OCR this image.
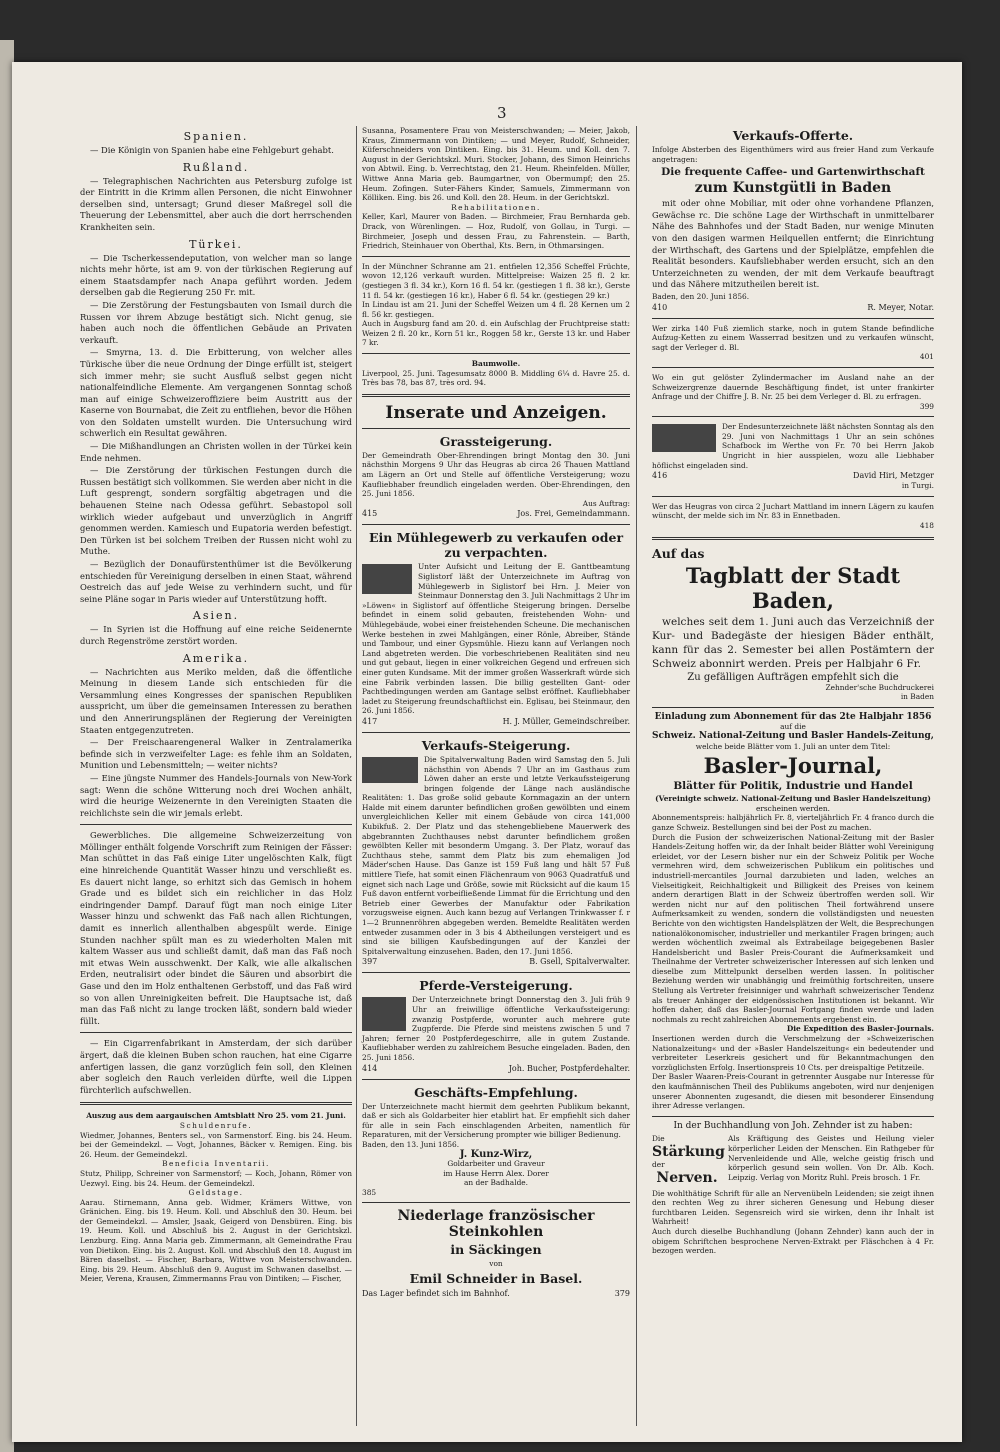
3
Spanien.

— Die Königin von Spanien habe eine Fehlgeburt gehabt.

Rußland.

— Telegraphischen Nachrichten aus Petersburg zufolge ist der Eintritt in die Krimm allen Personen, die nicht Einwohner derselben sind, untersagt; Grund dieser Maßregel soll die Theuerung der Lebensmittel, aber auch die dort herrschenden Krankheiten sein.

Türkei.

— Die Tscherkessendeputation, von welcher man so lange nichts mehr hörte, ist am 9. von der türkischen Regierung auf einem Staatsdampfer nach Anapa geführt worden. Jedem derselben gab die Regierung 250 Fr. mit.

— Die Zerstörung der Festungsbauten von Ismail durch die Russen vor ihrem Abzuge bestätigt sich. Nicht genug, sie haben auch noch die öffentlichen Gebäude an Privaten verkauft.

— Smyrna, 13. d. Die Erbitterung, von welcher alles Türkische über die neue Ordnung der Dinge erfüllt ist, steigert sich immer mehr; sie sucht Ausfluß selbst gegen nicht nationalfeindliche Elemente. Am vergangenen Sonntag schoß man auf einige Schweizeroffiziere beim Austritt aus der Kaserne von Bournabat, die Zeit zu entfliehen, bevor die Höhen von den Soldaten umstellt wurden. Die Untersuchung wird schwerlich ein Resultat gewähren.

— Die Mißhandlungen an Christen wollen in der Türkei kein Ende nehmen.

— Die Zerstörung der türkischen Festungen durch die Russen bestätigt sich vollkommen. Sie werden aber nicht in die Luft gesprengt, sondern sorgfältig abgetragen und die behauenen Steine nach Odessa geführt. Sebastopol soll wirklich wieder aufgebaut und unverzüglich in Angriff genommen werden. Kamiesch und Eupatoria werden befestigt. Den Türken ist bei solchem Treiben der Russen nicht wohl zu Muthe.

— Bezüglich der Donaufürstenthümer ist die Bevölkerung entschieden für Vereinigung derselben in einen Staat, während Oestreich das auf jede Weise zu verhindern sucht, und für seine Pläne sogar in Paris wieder auf Unterstützung hofft.

Asien.

— In Syrien ist die Hoffnung auf eine reiche Seidenernte durch Regenströme zerstört worden.

Amerika.

— Nachrichten aus Meriko melden, daß die öffentliche Meinung in diesem Lande sich entschieden für die Versammlung eines Kongresses der spanischen Republiken ausspricht, um über die gemeinsamen Interessen zu berathen und den Annerirungsplänen der Regierung der Vereinigten Staaten entgegenzutreten.

— Der Freischaarengeneral Walker in Zentralamerika befinde sich in verzweifelter Lage: es fehle ihm an Soldaten, Munition und Lebensmitteln; — weiter nichts?

— Eine jüngste Nummer des Handels-Journals von New-York sagt: Wenn die schöne Witterung noch drei Wochen anhält, wird die heurige Weizenernte in den Vereinigten Staaten die reichlichste sein die wir jemals erlebt.

Gewerbliches. Die allgemeine Schweizerzeitung von Möllinger enthält folgende Vorschrift zum Reinigen der Fässer: Man schüttet in das Faß einige Liter ungelöschten Kalk, fügt eine hinreichende Quantität Wasser hinzu und verschließt es. Es dauert nicht lange, so erhitzt sich das Gemisch in hohem Grade und es bildet sich ein reichlicher in das Holz eindringender Dampf. Darauf fügt man noch einige Liter Wasser hinzu und schwenkt das Faß nach allen Richtungen, damit es innerlich allenthalben abgespült werde. Einige Stunden nachher spült man es zu wiederholten Malen mit kaltem Wasser aus und schließt damit, daß man das Faß noch mit etwas Wein ausschwenkt. Der Kalk, wie alle alkalischen Erden, neutralisirt oder bindet die Säuren und absorbirt die Gase und den im Holz enthaltenen Gerbstoff, und das Faß wird so von allen Unreinigkeiten befreit. Die Hauptsache ist, daß man das Faß nicht zu lange trocken läßt, sondern bald wieder füllt.

— Ein Cigarrenfabrikant in Amsterdam, der sich darüber ärgert, daß die kleinen Buben schon rauchen, hat eine Cigarre anfertigen lassen, die ganz vorzüglich fein soll, den Kleinen aber sogleich den Rauch verleiden dürfte, weil die Lippen fürchterlich aufschwellen.

Auszug aus dem aargauischen Amtsblatt Nro 25. vom 21. Juni.
Schuldenrufe.

Wiedmer, Johannes, Benters sel., von Sarmenstorf. Eing. bis 24. Heum. bei der Gemeindekzl. — Vogt, Johannes, Bäcker v. Remigen. Eing. bis 26. Heum. der Gemeindekzl.

Beneficia Inventarii.

Stutz, Philipp, Schreiner von Sarmenstorf; — Koch, Johann, Römer von Uezwyl. Eing. bis 24. Heum. der Gemeindekzl.

Geldstage.

Aarau. Stirnemann, Anna geb. Widmer, Krämers Wittwe, von Gränichen. Eing. bis 19. Heum. Koll. und Abschluß den 30. Heum. bei der Gemeindekzl. — Amsler, Jsaak, Geigerd von Densbüren. Eing. bis 19. Heum. Koll. und Abschluß bis 2. August in der Gerichtskzl. Lenzburg. Eing. Anna Maria geb. Zimmermann, alt Gemeindrathe Frau von Dietikon. Eing. bis 2. August. Koll. und Abschluß den 18. August im Bären daselbst. — Fischer, Barbara, Wittwe von Meisterschwanden. Eing. bis 29. Heum. Abschluß den 9. August im Schwanen daselbst. — Meier, Verena, Krausen, Zimmermanns Frau von Dintiken; — Fischer,

Susanna, Posamentere Frau von Meisterschwanden; — Meier, Jakob, Kraus, Zimmermann von Dintiken; — und Meyer, Rudolf, Schneider, Küferschneiders von Dintiken. Eing. bis 31. Heum. und Koll. den 7. August in der Gerichtskzl. Muri. Stocker, Johann, des Simon Heinrichs von Abtwil. Eing. b. Verrechtstag, den 21. Heum. Rheinfelden. Müller, Wittwe Anna Maria geb. Baumgartner, von Obermumpf; den 25. Heum. Zofingen. Suter-Fähers Kinder, Samuels, Zimmermann von Kölliken. Eing. bis 26. und Koll. den 28. Heum. in der Gerichtskzl.

Rehabilitationen.

Keller, Karl, Maurer von Baden. — Birchmeier, Frau Bernharda geb. Drack, von Würenlingen. — Hoz, Rudolf, von Gollau, in Turgi. — Birchmeier, Joseph und dessen Frau, zu Fahrenstein. — Barth, Friedrich, Steinhauer von Oberthal, Kts. Bern, in Othmarsingen.

In der Münchner Schranne am 21. entfielen 12,356 Scheffel Früchte, wovon 12,126 verkauft wurden. Mittelpreise: Waizen 25 fl. 2 kr. (gestiegen 3 fl. 34 kr.), Korn 16 fl. 54 kr. (gestiegen 1 fl. 38 kr.), Gerste 11 fl. 54 kr. (gestiegen 16 kr.), Haber 6 fl. 54 kr. (gestiegen 29 kr.)

In Lindau ist am 21. Juni der Scheffel Weizen um 4 fl. 28 Kernen um 2 fl. 56 kr. gestiegen.

Auch in Augsburg fand am 20. d. ein Aufschlag der Fruchtpreise statt: Weizen 2 fl. 20 kr., Korn 51 kr., Roggen 58 kr., Gerste 13 kr. und Haber 7 kr.

Baumwolle.

Liverpool, 25. Juni. Tagesumsatz 8000 B. Middling 6¼ d. Havre 25. d. Très bas 78, bas 87, très ord. 94.

Inserate und Anzeigen.
Grassteigerung.

Der Gemeindrath Ober-Ehrendingen bringt Montag den 30. Juni nächsthin Morgens 9 Uhr das Heugras ab circa 26 Thauen Mattland am Lägern an Ort und Stelle auf öffentliche Versteigerung; wozu Kaufliebhaber freundlich eingeladen werden. Ober-Ehrendingen, den 25. Juni 1856.

Aus Auftrag:
415	Jos. Frei, Gemeindammann.
Ein Mühlegewerb zu verkaufen oder zu verpachten.

Unter Aufsicht und Leitung der E. Ganttbeamtung Siglistorf läßt der Unterzeichnete im Auftrag von Mühlegewerb in Siglistorf bei Hrn. J. Meier von Steinmaur Donnerstag den 3. Juli Nachmittags 2 Uhr im »Löwen« in Siglistorf auf öffentliche Steigerung bringen. Derselbe befindet in einem solid gebauten, freistehenden Wohn- und Mühlegebäude, wobei einer freistehenden Scheune. Die mechanischen Werke bestehen in zwei Mahlgängen, einer Rönle, Abreiber, Stände und Tambour, und einer Gypsmühle. Hiezu kann auf Verlangen noch Land abgetreten werden. Die vorbeschriebenen Realitäten sind neu und gut gebaut, liegen in einer volkreichen Gegend und erfreuen sich einer guten Kundsame. Mit der immer großen Wasserkraft würde sich eine Fabrik verbinden lassen. Die billig gestellten Gant- oder Pachtbedingungen werden am Gantage selbst eröffnet. Kaufliebhaber ladet zu Steigerung freundschaftlichst ein. Eglisau, bei Steinmaur, den 26. Juni 1856.

417	H. J. Müller, Gemeindschreiber.
Verkaufs-Steigerung.

Die Spitalverwaltung Baden wird Samstag den 5. Juli nächsthin von Abends 7 Uhr an im Gasthaus zum Löwen daher an erste und letzte Verkaufssteigerung bringen folgende der Länge nach ausländische Realitäten: 1. Das große solid gebaute Kornmagazin an der untern Halde mit einem darunter befindlichen großen gewölbten und einem unvergleichlichen Keller mit einem Gebäude von circa 141,000 Kubikfuß. 2. Der Platz und das stehengebliebene Mauerwerk des abgebrannten Zuchthauses nebst darunter befindlichem großen gewölbten Keller mit besonderm Umgang. 3. Der Platz, worauf das Zuchthaus stehe, sammt dem Platz bis zum ehemaligen Jod Mäder'schen Hause. Das Ganze ist 159 Fuß lang und hält 57 Fuß mittlere Tiefe, hat somit einen Flächenraum von 9063 Quadratfuß und eignet sich nach Lage und Größe, sowie mit Rücksicht auf die kaum 15 Fuß davon entfernt vorbeifließende Limmat für die Errichtung und den Betrieb einer Gewerbes der Manufaktur oder Fabrikation vorzugsweise eignen. Auch kann bezug auf Verlangen Trinkwasser f. r 1—2 Brunnenröhren abgegeben werden. Bemeldte Realitäten werden entweder zusammen oder in 3 bis 4 Abtheilungen versteigert und es sind sie billigen Kaufsbedingungen auf der Kanzlei der Spitalverwaltung einzusehen. Baden, den 17. Juni 1856.

397	B. Gsell, Spitalverwalter.
Pferde-Versteigerung.

Der Unterzeichnete bringt Donnerstag den 3. Juli früh 9 Uhr an freiwillige öffentliche Verkaufssteigerung: zwanzig Postpferde, worunter auch mehrere gute Zugpferde. Die Pferde sind meistens zwischen 5 und 7 Jahren; ferner 20 Postpferdegeschirre, alle in gutem Zustande. Kaufliebhaber werden zu zahlreichem Besuche eingeladen. Baden, den 25. Juni 1856.

414	Joh. Bucher, Postpferdehalter.
Geschäfts-Empfehlung.

Der Unterzeichnete macht hiermit dem geehrten Publikum bekannt, daß er sich als Goldarbeiter hier etablirt hat. Er empfiehlt sich daher für alle in sein Fach einschlagenden Arbeiten, namentlich für Reparaturen, mit der Versicherung prompter wie billiger Bedienung.

Baden, den 13. Juni 1856.
J. Kunz-Wirz,
Goldarbeiter und Graveur
im Hause Herrn Alex. Dorer
an der Badhalde.
385
Niederlage französischer Steinkohlen
in Säckingen
von
Emil Schneider in Basel.
Das Lager befindet sich im Bahnhof.	379
Verkaufs-Offerte.

Infolge Absterben des Eigenthümers wird aus freier Hand zum Verkaufe angetragen:

Die frequente Caffee- und Gartenwirthschaft
zum Kunstgütli in Baden

mit oder ohne Mobiliar, mit oder ohne vorhandene Pflanzen, Gewächse rc. Die schöne Lage der Wirthschaft in unmittelbarer Nähe des Bahnhofes und der Stadt Baden, nur wenige Minuten von den dasigen warmen Heilquellen entfernt; die Einrichtung der Wirthschaft, des Gartens und der Spielplätze, empfehlen die Realität besonders. Kaufsliebhaber werden ersucht, sich an den Unterzeichneten zu wenden, der mit dem Verkaufe beauftragt und das Nähere mitzutheilen bereit ist.

Baden, den 20. Juni 1856.
410	R. Meyer, Notar.

Wer zirka 140 Fuß ziemlich starke, noch in gutem Stande befindliche Aufzug-Ketten zu einem Wasserrad besitzen und zu verkaufen wünscht, sagt der Verleger d. Bl.

401

Wo ein gut gelöster Zylindermacher im Ausland nahe an der Schweizergrenze dauernde Beschäftigung findet, ist unter frankirter Anfrage und der Chiffre J. B. Nr. 25 bei dem Verleger d. Bl. zu erfragen.

399

Der Endesunterzeichnete läßt nächsten Sonntag als den 29. Juni von Nachmittags 1 Uhr an sein schönes Schafbock im Werthe von Fr. 70 bei Herrn Jakob Ungricht in hier ausspielen, wozu alle Liebhaber höflichst eingeladen sind.

416	David Hiri, Metzger
in Turgi.

Wer das Heugras von circa 2 Juchart Mattland im innern Lägern zu kaufen wünscht, der melde sich im Nr. 83 in Ennetbaden.

418
Auf das
Tagblatt der Stadt Baden,

welches seit dem 1. Juni auch das Verzeichniß der Kur- und Badegäste der hiesigen Bäder enthält, kann für das 2. Semester bei allen Postämtern der Schweiz abonnirt werden. Preis per Halbjahr 6 Fr.

Zu gefälligen Aufträgen empfehlt sich die
Zehnder'sche Buchdruckerei
in Baden
Einladung zum Abonnement für das 2te Halbjahr 1856
auf die
Schweiz. National-Zeitung und Basler Handels-Zeitung,
welche beide Blätter vom 1. Juli an unter dem Titel:
Basler-Journal,
Blätter für Politik, Industrie und Handel
(Vereinigte schweiz. National-Zeitung und Basler Handelszeitung)
erscheinen werden.

Abonnementspreis: halbjährlich Fr. 8, vierteljährlich Fr. 4 franco durch die ganze Schweiz. Bestellungen sind bei der Post zu machen.

Durch die Fusion der schweizerischen National-Zeitung mit der Basler Handels-Zeitung hoffen wir, da der Inhalt beider Blätter wohl Vereinigung erleidet, vor der Lesern bisher nur ein der Schweiz Politik per Woche vermehren wird, dem schweizerischen Publikum ein politisches und industriell-mercantiles Journal darzubieten und laden, welches an Vielseitigkeit, Reichhaltigkeit und Billigkeit des Preises von keinem andern derartigen Blatt in der Schweiz übertroffen werden soll. Wir werden nicht nur auf den politischen Theil fortwährend unsere Aufmerksamkeit zu wenden, sondern die vollständigsten und neuesten Berichte von den wichtigsten Handelsplätzen der Welt, die Besprechungen nationalökonomischer, industrieller und merkantiler Fragen bringen; auch werden wöchentlich zweimal als Extrabeilage beigegebenen Basler Handelsbericht und Basler Preis-Courant die Aufmerksamkeit und Theilnahme der Vertreter schweizerischer Interessen auf sich lenken und dieselbe zum Mittelpunkt derselben werden lassen. In politischer Beziehung werden wir unabhängig und freimüthig fortschreiten, unsere Stellung als Vertreter freisinniger und wahrhaft schweizerischer Tendenz als treuer Anhänger der eidgenössischen Institutionen ist bekannt. Wir hoffen daher, daß das Basler-Journal Fortgang finden werde und laden nochmals zu recht zahlreichen Abonnements ergebenst ein.

Die Expedition des Basler-Journals.

Insertionen werden durch die Verschmelzung der »Schweizerischen Nationalzeitung« und der »Basler Handelszeitung« ein bedeutender und verbreiteter Leserkreis gesichert und für Bekanntmachungen den vorzüglichsten Erfolg. Insertionspreis 10 Cts. per dreispaltige Petitzeile.

Der Basler Waaren-Preis-Courant in getrennter Ausgabe nur Interesse für den kaufmännischen Theil des Publikums angeboten, wird nur denjenigen unserer Abonnenten zugesandt, die diesen mit besonderer Einsendung ihrer Adresse verlangen.

In der Buchhandlung von Joh. Zehnder ist zu haben:
Die
Stärkung
der
Nerven.

Als Kräftigung des Geistes und Heilung vieler körperlicher Leiden der Menschen. Ein Rathgeber für Nervenleidende und Alle, welche geistig frisch und körperlich gesund sein wollen. Von Dr. Alb. Koch. Leipzig. Verlag von Moritz Ruhl. Preis brosch. 1 Fr.

Die wohlthätige Schrift für alle an Nervenübeln Leidenden; sie zeigt ihnen den rechten Weg zu ihrer sicheren Genesung und Hebung dieser furchtbaren Leiden. Segensreich wird sie wirken, denn ihr Inhalt ist Wahrheit!

Auch durch dieselbe Buchhandlung (Johann Zehnder) kann auch der in obigem Schriftchen besprochene Nerven-Extrakt per Fläschchen à 4 Fr. bezogen werden.
